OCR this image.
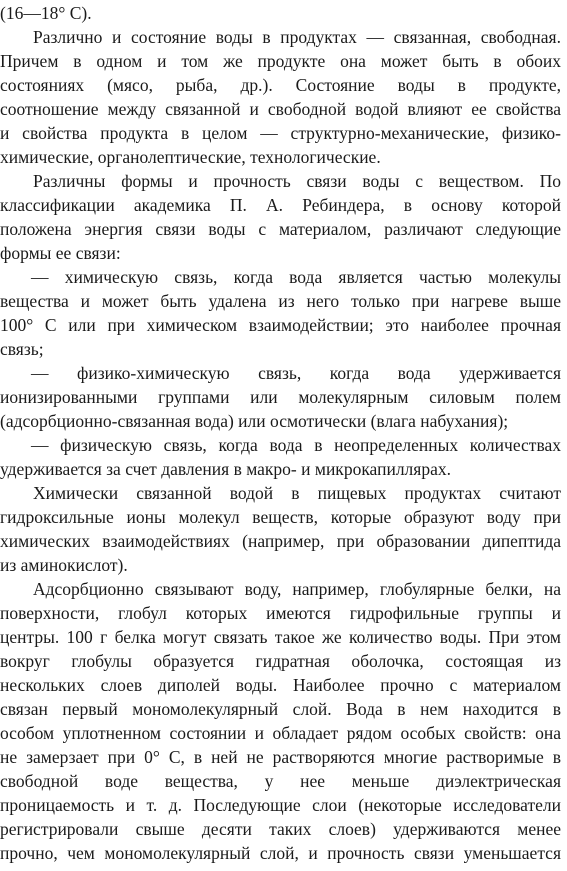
(16—18° С).
Различно и состояние воды в продуктах — связанная, свободная.
Причем в одном и том же продукте она может быть в обоих
состояниях (мясо, рыба, др.). Состояние воды в продукте,
соотношение между связанной и свободной водой влияют ее свойства
и свойства продукта в целом — структурно-механические, физико-
химические, органолептические, технологические.
Различны формы и прочность связи воды с веществом. По
классификации академика П. А. Ребиндера, в основу которой
положена энергия связи воды с материалом, различают следующие
формы ее связи:
— химическую связь, когда вода является частью молекулы
вещества и может быть удалена из него только при нагреве выше
100° С или при химическом взаимодействии; это наиболее прочная
связь;
— физико-химическую связь, когда вода удерживается
ионизированными группами или молекулярным силовым полем
(адсорбционно-связанная вода) или осмотически (влага набухания);
— физическую связь, когда вода в неопределенных количествах
удерживается за счет давления в макро- и микрокапиллярах.
Химически связанной водой в пищевых продуктах считают
гидроксильные ионы молекул веществ, которые образуют воду при
химических взаимодействиях (например, при образовании дипептида
из аминокислот).
Адсорбционно связывают воду, например, глобулярные белки, на
поверхности, глобул которых имеются гидрофильные группы и
центры. 100 г белка могут связать такое же количество воды. При этом
вокруг глобулы образуется гидратная оболочка, состоящая из
нескольких слоев диполей воды. Наиболее прочно с материалом
связан первый мономолекулярный слой. Вода в нем находится в
особом уплотненном состоянии и обладает рядом особых свойств: она
не замерзает при 0° С, в ней не растворяются многие растворимые в
свободной воде вещества, у нее меньше диэлектрическая
проницаемость и т. д. Последующие слои (некоторые исследователи
регистрировали свыше десяти таких слоев) удерживаются менее
прочно, чем мономолекулярный слой, и прочность связи уменьшается
